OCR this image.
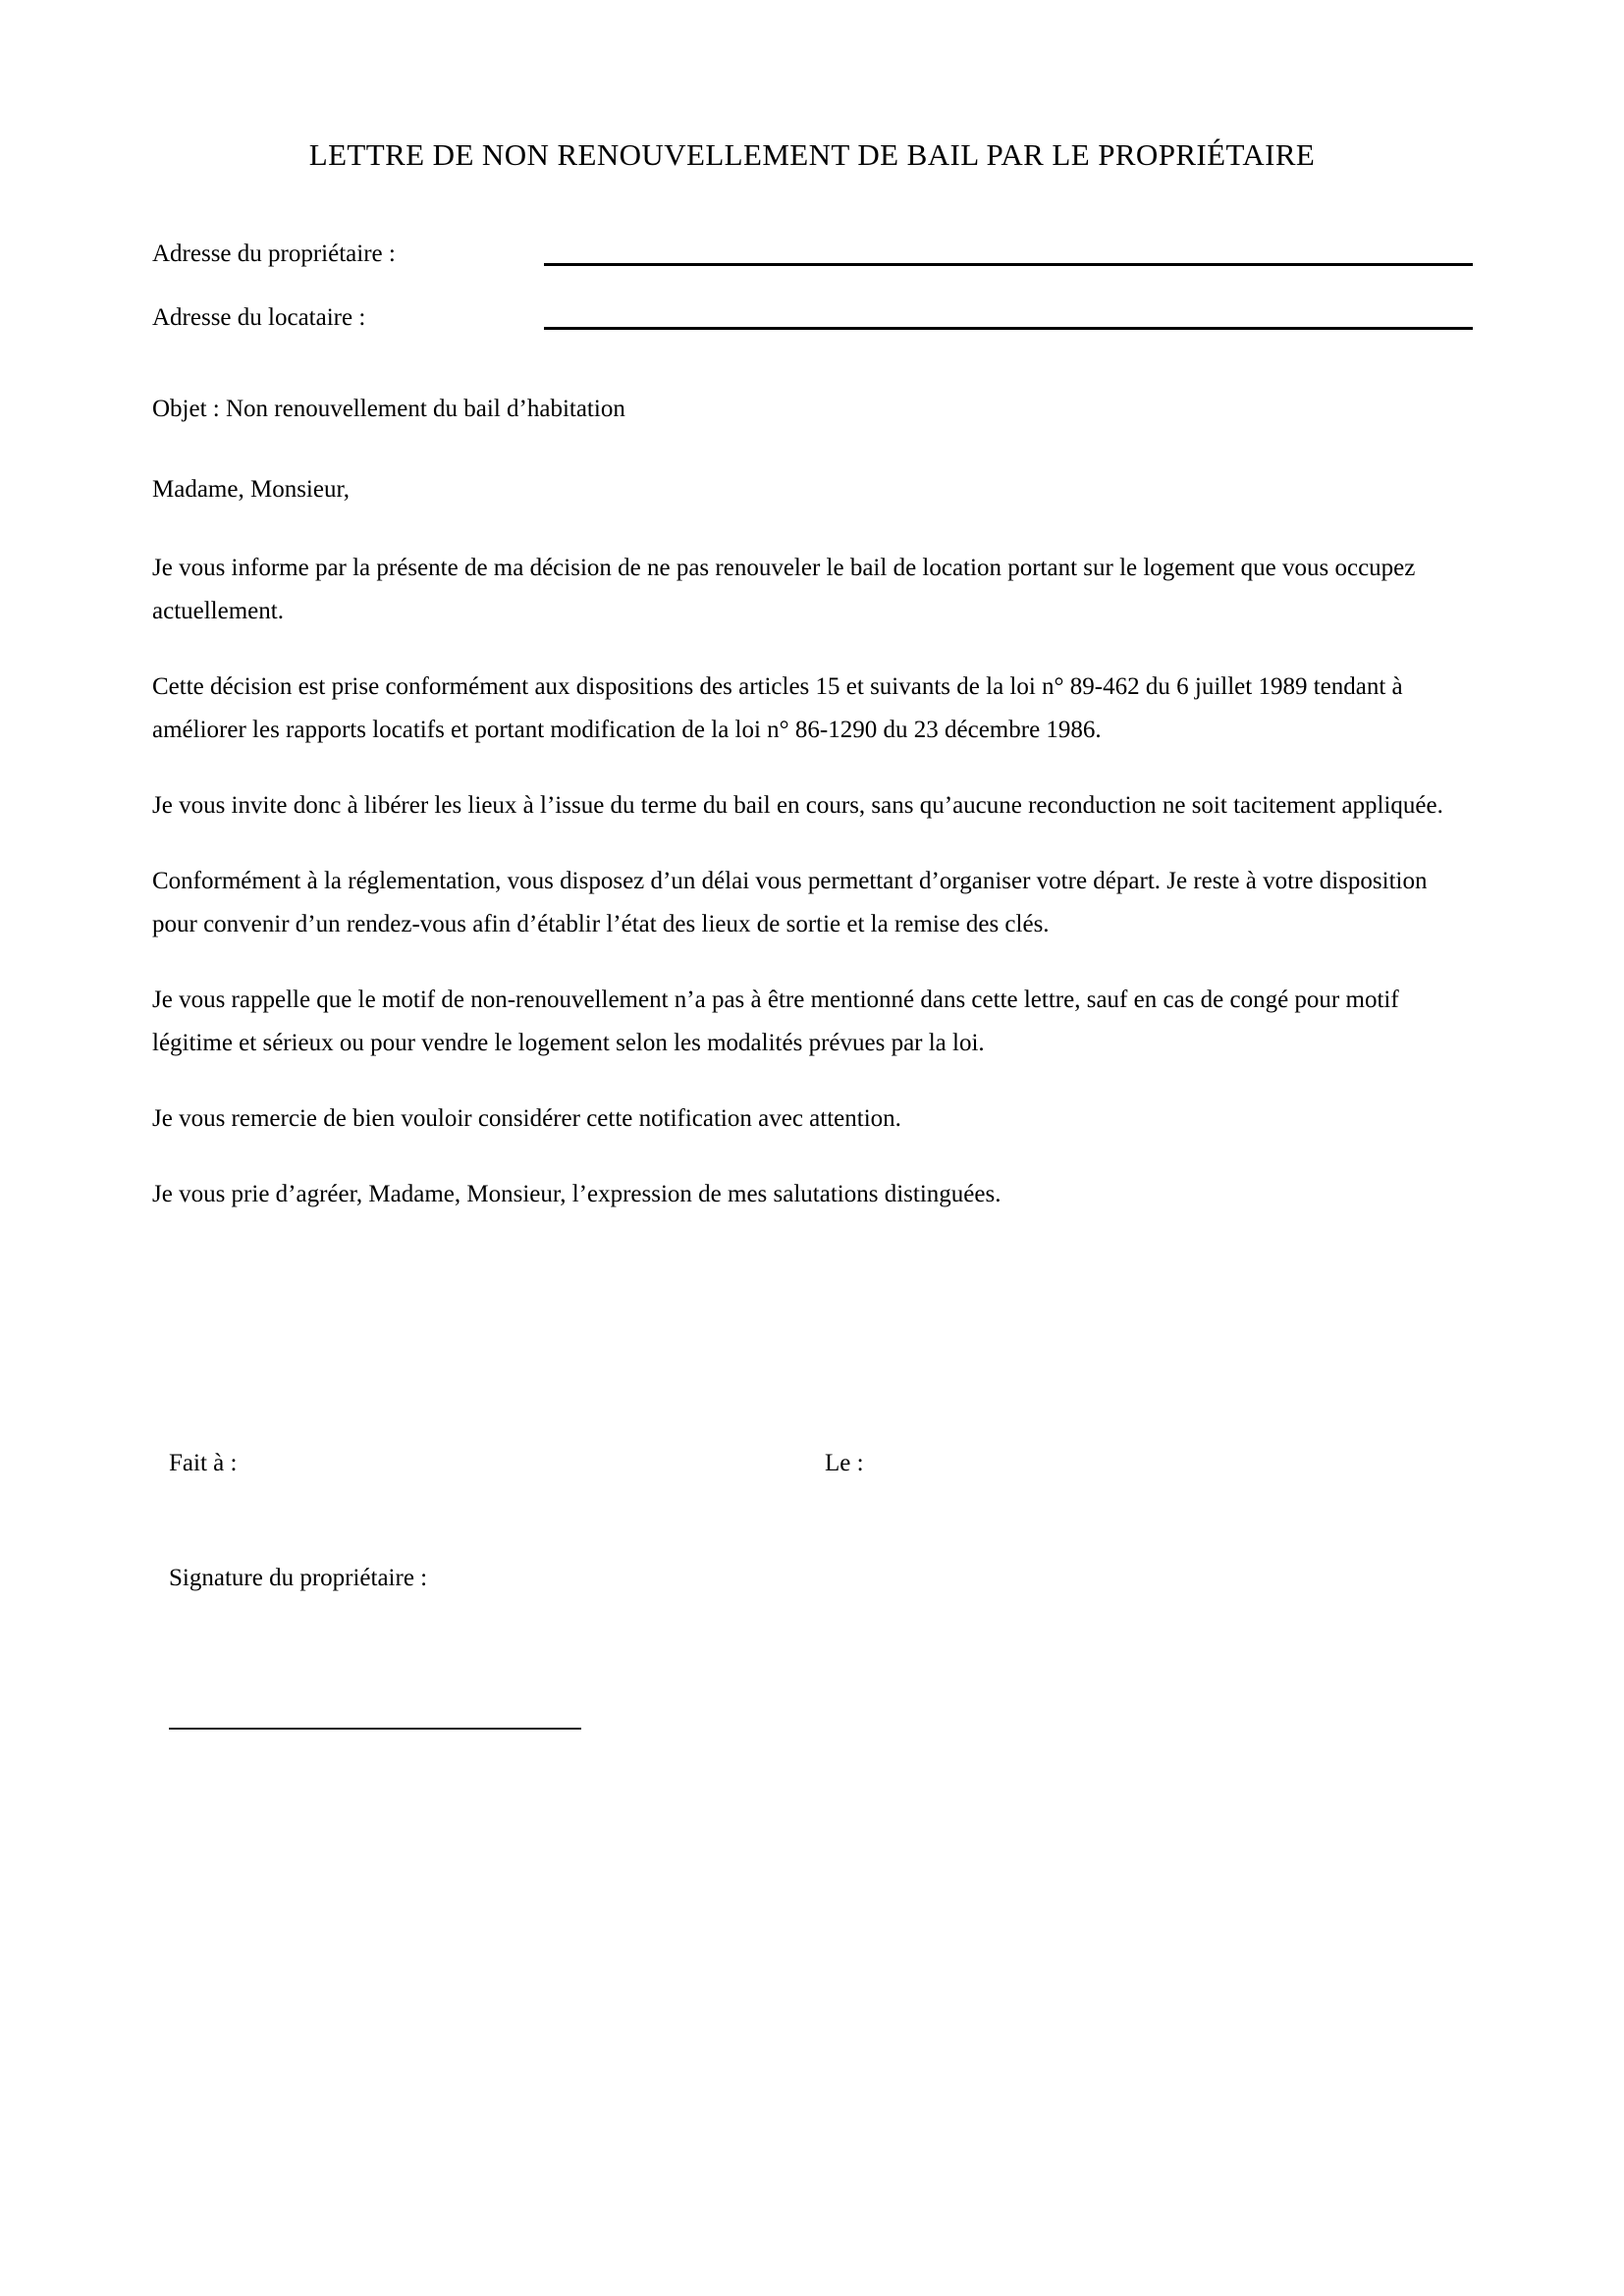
LETTRE DE NON RENOUVELLEMENT DE BAIL PAR LE PROPRIÉTAIRE
Adresse du propriétaire :
Adresse du locataire :

Objet : Non renouvellement du bail d’habitation

Madame, Monsieur,

Je vous informe par la présente de ma décision de ne pas renouveler le bail de location portant sur le logement que vous occupez actuellement.

Cette décision est prise conformément aux dispositions des articles 15 et suivants de la loi n° 89-462 du 6 juillet 1989 tendant à améliorer les rapports locatifs et portant modification de la loi n° 86-1290 du 23 décembre 1986.

Je vous invite donc à libérer les lieux à l’issue du terme du bail en cours, sans qu’aucune reconduction ne soit tacitement appliquée.

Conformément à la réglementation, vous disposez d’un délai vous permettant d’organiser votre départ. Je reste à votre disposition pour convenir d’un rendez-vous afin d’établir l’état des lieux de sortie et la remise des clés.

Je vous rappelle que le motif de non-renouvellement n’a pas à être mentionné dans cette lettre, sauf en cas de congé pour motif légitime et sérieux ou pour vendre le logement selon les modalités prévues par la loi.

Je vous remercie de bien vouloir considérer cette notification avec attention.

Je vous prie d’agréer, Madame, Monsieur, l’expression de mes salutations distinguées.

Fait à :	Le :
Signature du propriétaire :
